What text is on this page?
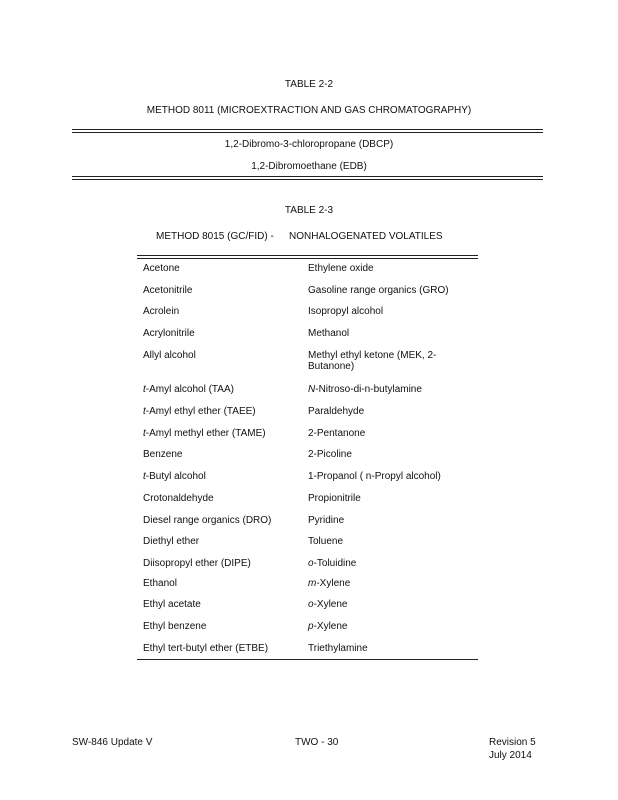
TABLE 2-2
METHOD 8011 (MICROEXTRACTION AND GAS CHROMATOGRAPHY)
1,2-Dibromo-3-chloropropane (DBCP)
1,2-Dibromoethane (EDB)
TABLE 2-3
METHOD 8015 (GC/FID) - NONHALOGENATED VOLATILES
Acetone	Ethylene oxide
Acetonitrile	Gasoline range organics (GRO)
Acrolein	Isopropyl alcohol
Acrylonitrile	Methanol
Allyl alcohol	Methyl ethyl ketone (MEK, 2-Butanone)
t-Amyl alcohol (TAA)	N-Nitroso-di-n-butylamine
t-Amyl ethyl ether (TAEE)	Paraldehyde
t-Amyl methyl ether (TAME)	2-Pentanone
Benzene	2-Picoline
t-Butyl alcohol	1-Propanol ( n-Propyl alcohol)
Crotonaldehyde	Propionitrile
Diesel range organics (DRO)	Pyridine
Diethyl ether	Toluene
Diisopropyl ether (DIPE)	o-Toluidine
Ethanol	m-Xylene
Ethyl acetate	o-Xylene
Ethyl benzene	p-Xylene
Ethyl tert-butyl ether (ETBE)	Triethylamine
SW-846 Update V	TWO - 30	Revision 5
July 2014
